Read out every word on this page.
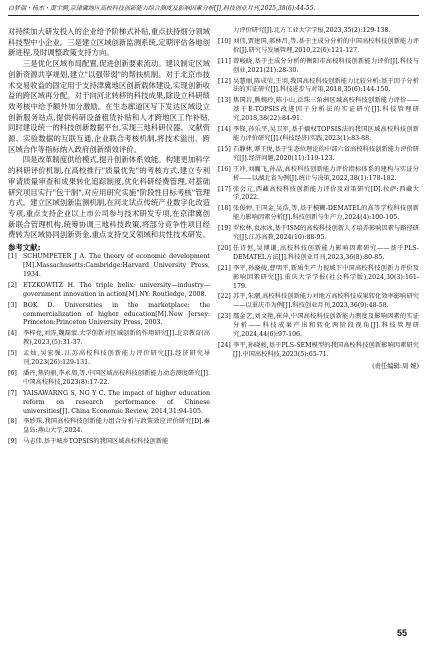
白梦瑞・杨杰・黄宇聘,京津冀地区高校科技创新能力综合测度及影响因素分析[J],科技创业月刊,2025,38(6):44-55.

对持续加大研发投入的企业给予阶梯式补贴,重点扶持细分领域科技型中小企业。三是建立区域创新监测系统,定期评估各地创新进程,及时调整政策支持方向。

三是优化区域布局配置,促进创新要素流动。建议制定区域创新资源共享规划,建立"以强带弱"的帮扶机制。对于北京市技术交易收益的固定用于支持津冀地区创新载体建设,实现创新收益的跨区域再分配。对于向河北转移的科技成果,除设立科研绩效考核中给予额外加分激励。在生态廊道区写下发达区域设立创新服务站点,提供科研设备租赁补贴和人才跨地区工作补贴,同时建设统一的科技创新数据平台,实现三地科研仪器、文献资源、实验数据的互联互通,企业联合考核机制,将技术溢出、跨区域合作等指标纳入政府创新绩效评价。

四是改革制度供给模式,提升创新体系效能。构建更加科学的科研评价机制,在高校推行"质量优先"的考核方式,建立专利审请质量审查和成果转化追踪制度,优化科研经费管理,对基础研究项目实行"包干制",对应用研究实施"阶段性目标考核"管理方式。建立区域创新监测机制,在河北试点传统产业数字化改造专项,重点支持企业以上市公司参与技术研发专项,在京津冀创新联合管理机构,统筹协调三地科技政策,将部分竞争性项目经费转为区域协同创新资金,重点支持交叉领域和共性技术研发。

参考文献:
[1] SCHUMPETER J A. The theory of economic development [M].Massachusetts:Cambridge:Harvard University Press, 1934.
[2] ETZKOWITZ H. The triple helix: university—industry—government innovation in action[M].NY: Routledge, 2008.
[3] BOK D. Universities in the marketplace: the commercialization of higher education[M].New Jersey: Princeton:Princeton University Press, 2003.
[4] 李梓亮,刘涛,魏磊蒙.大学创新对区域创新的作用研究[J].北京教育(高教),2023,(5):31-37.
[5] 孟灿,吴宏强.江苏高校科技创新能力评价研究[J].经济研究导刊,2023(26):129-131.
[6] 潘丹,焦钧丽,李永周,等.中国区域高校科技创新能力动态测度研究[J].中国高校科技,2023(8):17-22.
[7] YAISAWARNG S, NG Y C. The impact of higher education reform on research performance of Chinese universities[J]. China Economic Review, 2014,31:94-105.
[8] 李妙珠.我国高校科技创新能力组合分析与政策效应评价研究[D].秦皇岛:燕山大学,2024.
[9] 马志伟.基于城乡TOPSIS的我国区域高校科技创新能
力评价研究[J].北方工业大学学报,2023,35(2):129-138.
[10] 刘伟,贾建国,郝林昌,等.基于主成分分析的中国高校科技创新能力评价[J].研究与发展管理,2010,22(6):121-127.
[11] 曾峻晓,基于主成分分析的衡阳市高校科技创新能力评价[J].科技与创业,2021(21):28-30.
[12] 吴慧丽,陈成荣,王羽,我国高校科技创新能力比较分析:基于因子分析法的实证研究[J].科技进步与对策,2018,35(6):144-150.
[13] 焦国岩,熊婉玲,陈小山,泛珠三角洲区域高校科技创新能力评价——基于E-TOPSIS改进因子分析法的实证研究[J].科技管理研究,2018,38(22):84-91.
[14] 李锋,孙乐平,吴卫军,基于熵权TOPSIS法的我国区域高校科技创新能力评价研究[J].(科技经济)实践,2023(1):83-88.
[15] 石静林,谭王悦,基于生态位理论的中部六省高校科技创新能力评价研究[J].经济问题,2020(11):119-123.
[16] 王冲,刘巍飞,孙晶,高校科技创新能力评价指标体系的建构与实证分析——以湖北省为例[J].统计与决策,2022,38(1):178-182.
[17] 张会元,西藏高校科技创新能力评价及对策研究[D].拉萨:西藏大学,2022.
[18] 张俊婷,王国金,吴浩,等,基于模糊-DEMATEL的高等学校科技创新能力影响因素分析[J].科技创新与生产力,2024(4):100-105.
[19] 罗松林,袁冰冰,基于ISM的高校科技创新人才培养影响因素与路径研究[J].江苏高教,2024(10):88-95.
[20] 任诗恒,吴博谦,高校科技创新能力影响因素研究——基于PLS-DEMATEL方法[J].科技创业月刊,2023,36(8):80-85.
[21] 李平,孙晓骏,曹明平,新质生产力视域下中国高校科技创新力评价及影响因素研究[J].重庆大学学报(社会科学版),2024,30(3):161-179.
[22] 苏平,朱潮,高校科技创新能力对地方高校科技成果转化效率影响研究——以重庆市为例[J].科技创业月刊,2023,36(9):48-58.
[23] 鄢金艺,刘文艳,崔萍,中国高校科技创新能力测度及影响因素的实证分析——科技成果产出和转化两阶段视角[J].科技管理研究,2024,44(6):97-106.
[24] 李平,孙晓骏,基于PLS-SEM模型的我国高校科技创新影响因素研究[J].中国高校科技,2023(5):65-71.
(责任编辑:周 婉)
55
